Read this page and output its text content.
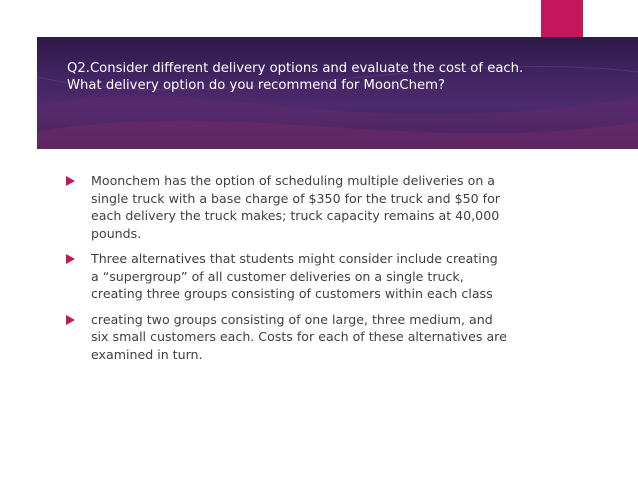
Q2.Consider different delivery options and evaluate the cost of each.
What delivery option do you recommend for MoonChem?
Moonchem has the option of scheduling multiple deliveries on a
single truck with a base charge of $350 for the truck and $50 for
each delivery the truck makes; truck capacity remains at 40,000
pounds.
Three alternatives that students might consider include creating
a “supergroup” of all customer deliveries on a single truck,
creating three groups consisting of customers within each class
creating two groups consisting of one large, three medium, and
six small customers each. Costs for each of these alternatives are
examined in turn.
